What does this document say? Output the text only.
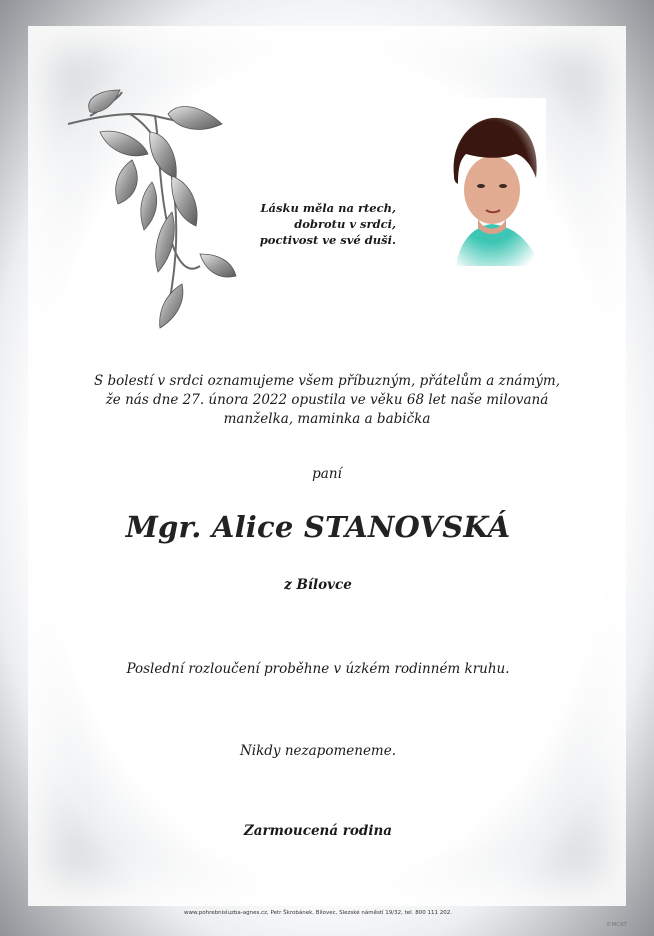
Lásku měla na rtech,
dobrotu v srdci,
poctivost ve své duši.
S bolestí v srdci oznamujeme všem příbuzným, přátelům a známým,
že nás dne 27. února 2022 opustila ve věku 68 let naše milovaná
manželka, maminka a babička
paní
Mgr. Alice STANOVSKÁ
z Bílovce
Poslední rozloučení proběhne v úzkém rodinném kruhu.
Nikdy nezapomeneme.
Zarmoucená rodina
www.pohrebnisluzba-agnes.cz, Petr Škrobánek, Bílovec, Slezské náměstí 19/32, tel. 800 111 202.
©MCRT
